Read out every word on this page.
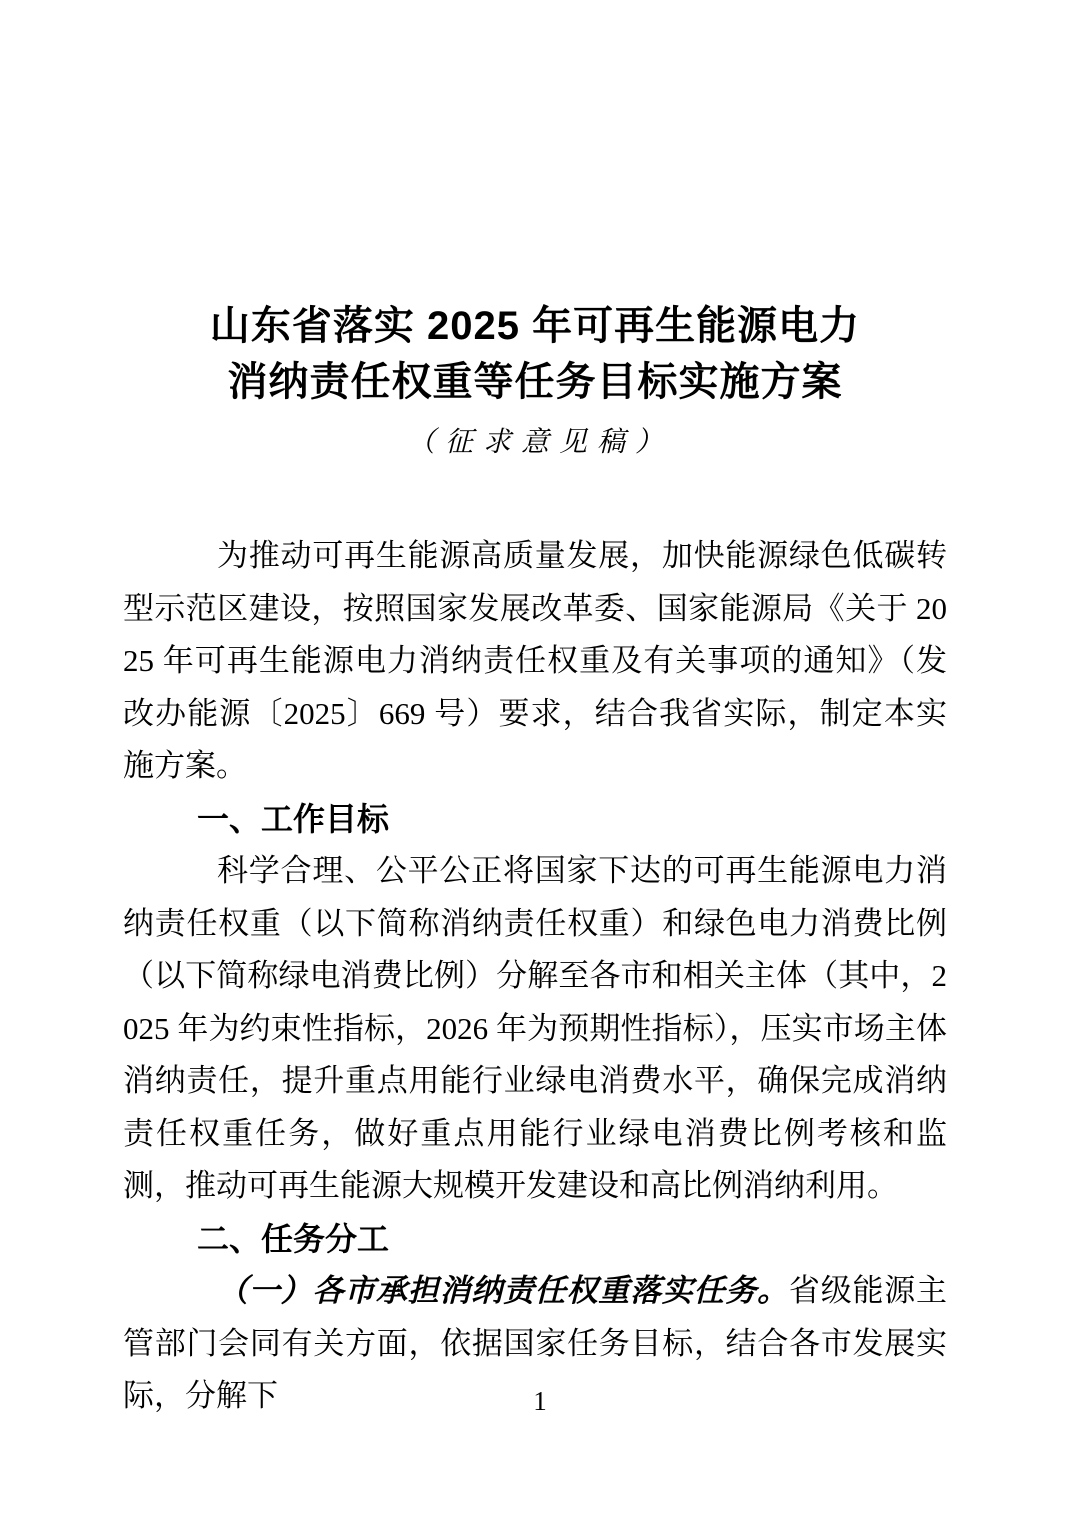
山东省落实 2025 年可再生能源电力
消纳责任权重等任务目标实施方案
（征求意见稿）

为推动可再生能源高质量发展，加快能源绿色低碳转型示范区建设，按照国家发展改革委、国家能源局《关于 2025 年可再生能源电力消纳责任权重及有关事项的通知》（发改办能源〔2025〕669 号）要求，结合我省实际，制定本实施方案。

一、工作目标

科学合理、公平公正将国家下达的可再生能源电力消纳责任权重（以下简称消纳责任权重）和绿色电力消费比例（以下简称绿电消费比例）分解至各市和相关主体（其中，2025 年为约束性指标，2026 年为预期性指标），压实市场主体消纳责任，提升重点用能行业绿电消费水平，确保完成消纳责任权重任务，做好重点用能行业绿电消费比例考核和监测，推动可再生能源大规模开发建设和高比例消纳利用。

二、任务分工

（一）各市承担消纳责任权重落实任务。省级能源主管部门会同有关方面，依据国家任务目标，结合各市发展实际，分解下	1
